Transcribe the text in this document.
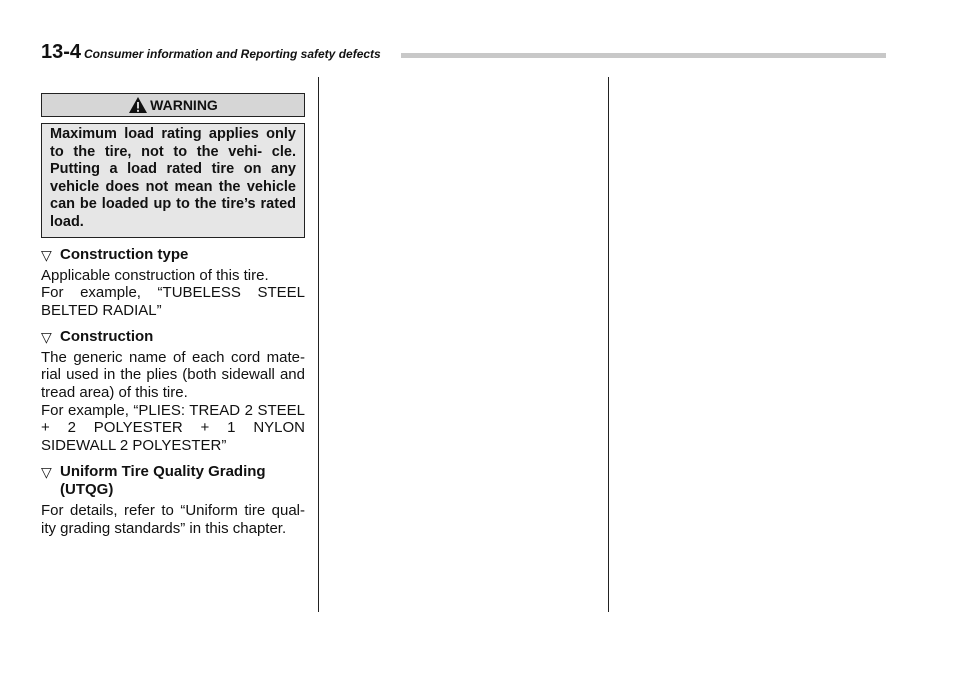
13-4 Consumer information and Reporting safety defects
WARNING
Maximum load rating applies only to the tire, not to the vehi- cle. Putting a load rated tire on any vehicle does not mean the vehicle can be loaded up to the tire’s rated load.
▽ Construction type
Applicable construction of this tire.
For example, “TUBELESS STEEL BELTED RADIAL”
▽ Construction
The generic name of each cord mate- rial used in the plies (both sidewall and tread area) of this tire.
For example, “PLIES: TREAD 2 STEEL + 2 POLYESTER + 1 NYLON SIDEWALL 2 POLYESTER”
▽ Uniform Tire Quality Grading (UTQG)
For details, refer to “Uniform tire qual- ity grading standards” in this chapter.
